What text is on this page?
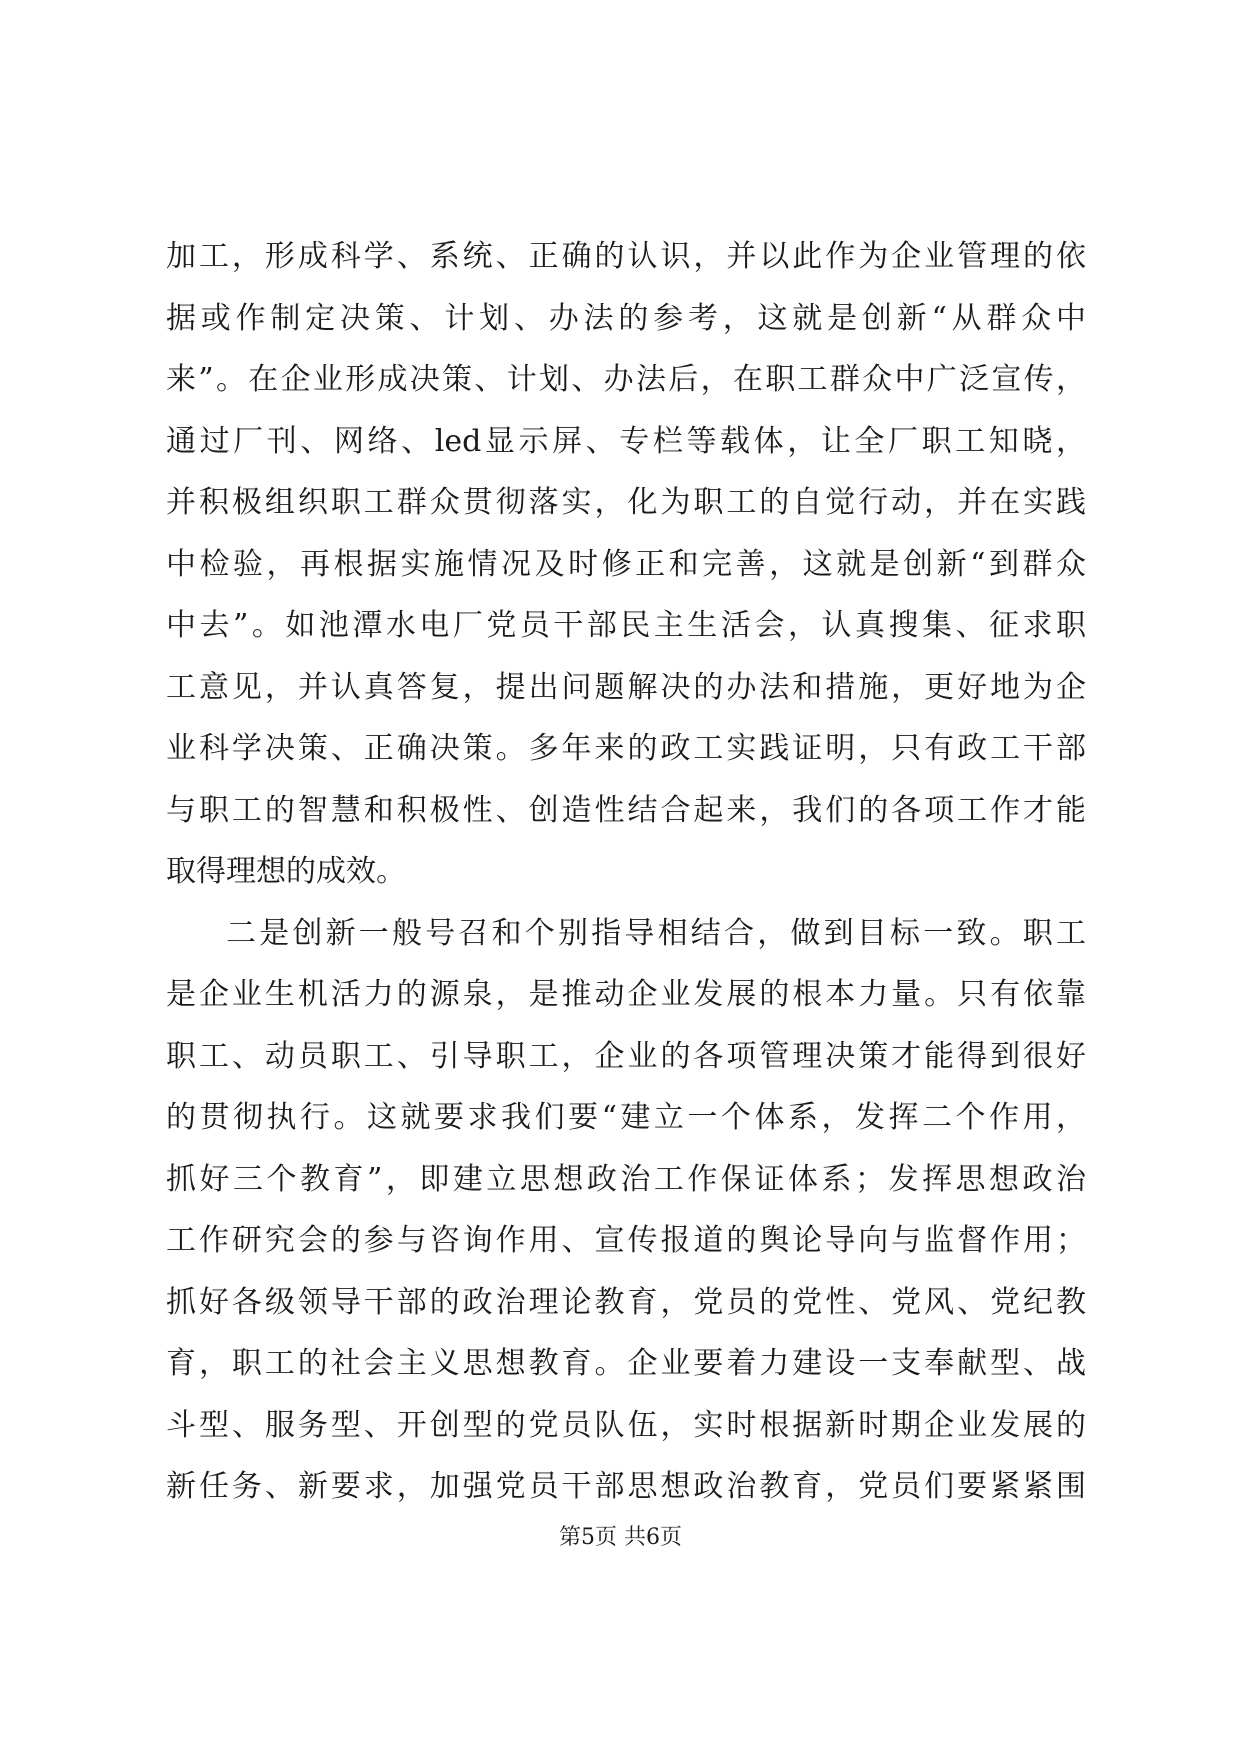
加工，形成科学、系统、正确的认识，并以此作为企业管理的依
据或作制定决策、计划、办法的参考，这就是创新“从群众中
来”。在企业形成决策、计划、办法后，在职工群众中广泛宣传，
通过厂刊、网络、led显示屏、专栏等载体，让全厂职工知晓，
并积极组织职工群众贯彻落实，化为职工的自觉行动，并在实践
中检验，再根据实施情况及时修正和完善，这就是创新“到群众
中去”。如池潭水电厂党员干部民主生活会，认真搜集、征求职
工意见，并认真答复，提出问题解决的办法和措施，更好地为企
业科学决策、正确决策。多年来的政工实践证明，只有政工干部
与职工的智慧和积极性、创造性结合起来，我们的各项工作才能
取得理想的成效。
二是创新一般号召和个别指导相结合，做到目标一致。职工
是企业生机活力的源泉，是推动企业发展的根本力量。只有依靠
职工、动员职工、引导职工，企业的各项管理决策才能得到很好
的贯彻执行。这就要求我们要“建立一个体系，发挥二个作用，
抓好三个教育”，即建立思想政治工作保证体系；发挥思想政治
工作研究会的参与咨询作用、宣传报道的舆论导向与监督作用；
抓好各级领导干部的政治理论教育，党员的党性、党风、党纪教
育，职工的社会主义思想教育。企业要着力建设一支奉献型、战
斗型、服务型、开创型的党员队伍，实时根据新时期企业发展的
新任务、新要求，加强党员干部思想政治教育，党员们要紧紧围
第5页 共6页
